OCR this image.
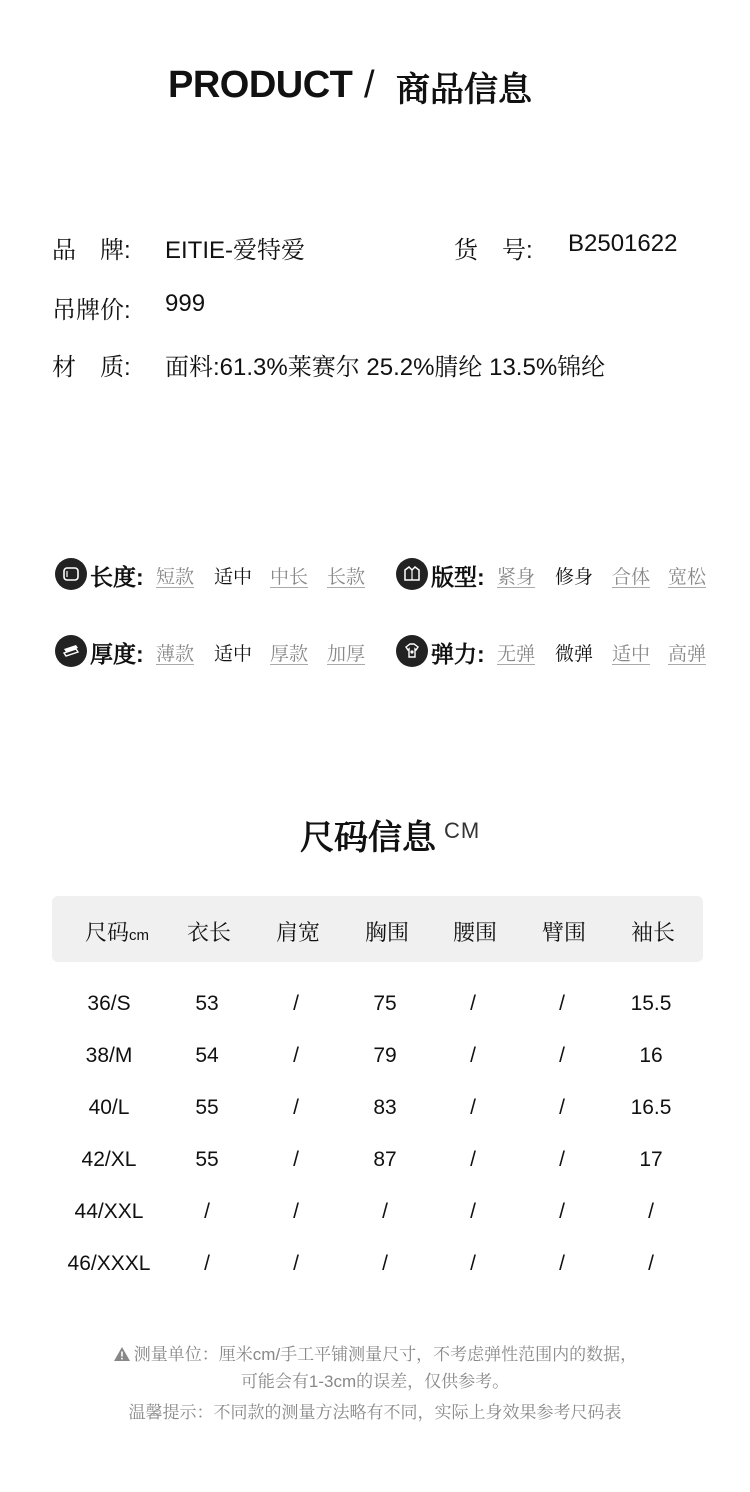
PRODUCT / 商品信息
品　牌: EITIE-爱特爱	货　号: B2501622
吊牌价: 999
材　质: 面料:61.3%莱赛尔 25.2%腈纶 13.5%锦纶
长度: 短款 适中 中长 长款	版型: 紧身 修身 合体 宽松
厚度: 薄款 适中 厚款 加厚	弹力: 无弹 微弹 适中 高弹
尺码信息 CM
尺码cm	衣长	肩宽	胸围	腰围	臂围	袖长
36/S	53	/	75	/	/	15.5
38/M	54	/	79	/	/	16
40/L	55	/	83	/	/	16.5
42/XL	55	/	87	/	/	17
44/XXL	/	/	/	/	/	/
46/XXXL	/	/	/	/	/	/
测量单位：厘米cm/手工平铺测量尺寸，不考虑弹性范围内的数据，
可能会有1-3cm的误差，仅供参考。
温馨提示：不同款的测量方法略有不同，实际上身效果参考尺码表
